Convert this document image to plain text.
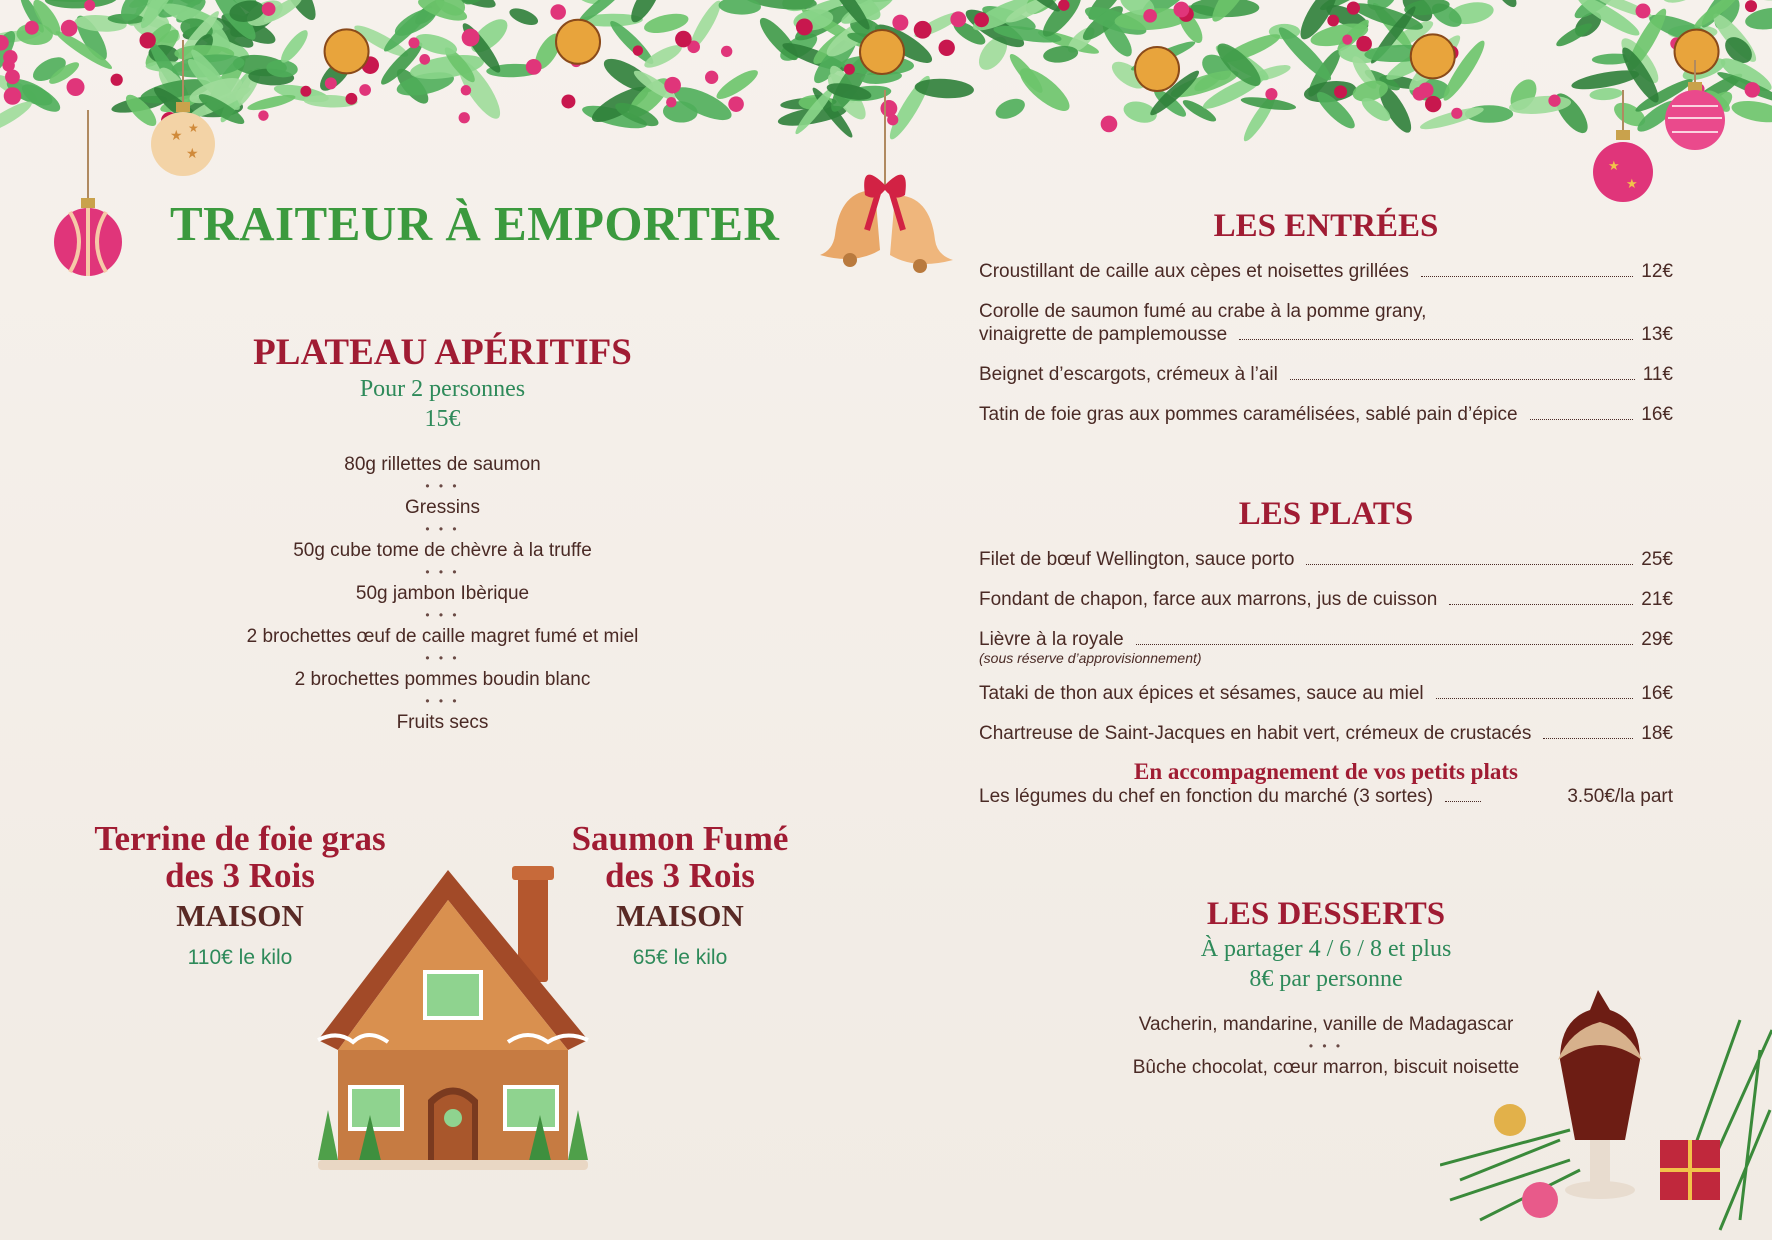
★
★
★
★
★
TRAITEUR À EMPORTER
PLATEAU APÉRITIFS
Pour 2 personnes
15€
80g rillettes de saumon
• • •
Gressins
• • •
50g cube tome de chèvre à la truffe
• • •
50g jambon Ibèrique
• • •
2 brochettes œuf de caille magret fumé et miel
• • •
2 brochettes pommes boudin blanc
• • •
Fruits secs
Terrine de foie gras
des 3 Rois
MAISON
110€ le kilo
Saumon Fumé
des 3 Rois
MAISON
65€ le kilo
LES ENTRÉES
Croustillant de caille aux cèpes et noisettes grillées	12€
Corolle de saumon fumé au crabe à la pomme grany,
vinaigrette de pamplemousse	13€
Beignet d’escargots, crémeux à l’ail	11€
Tatin de foie gras aux pommes caramélisées, sablé pain d’épice	16€
LES PLATS
Filet de bœuf Wellington, sauce porto	25€
Fondant de chapon, farce aux marrons, jus de cuisson	21€
Lièvre à la royale	29€
(sous réserve d’approvisionnement)
Tataki de thon aux épices et sésames, sauce au miel	16€
Chartreuse de Saint-Jacques en habit vert, crémeux de crustacés	18€
En accompagnement de vos petits plats
Les légumes du chef en fonction du marché (3 sortes)	3.50€/la part
LES DESSERTS
À partager 4 / 6 / 8 et plus
8€ par personne
Vacherin, mandarine, vanille de Madagascar
• • •
Bûche chocolat, cœur marron, biscuit noisette
